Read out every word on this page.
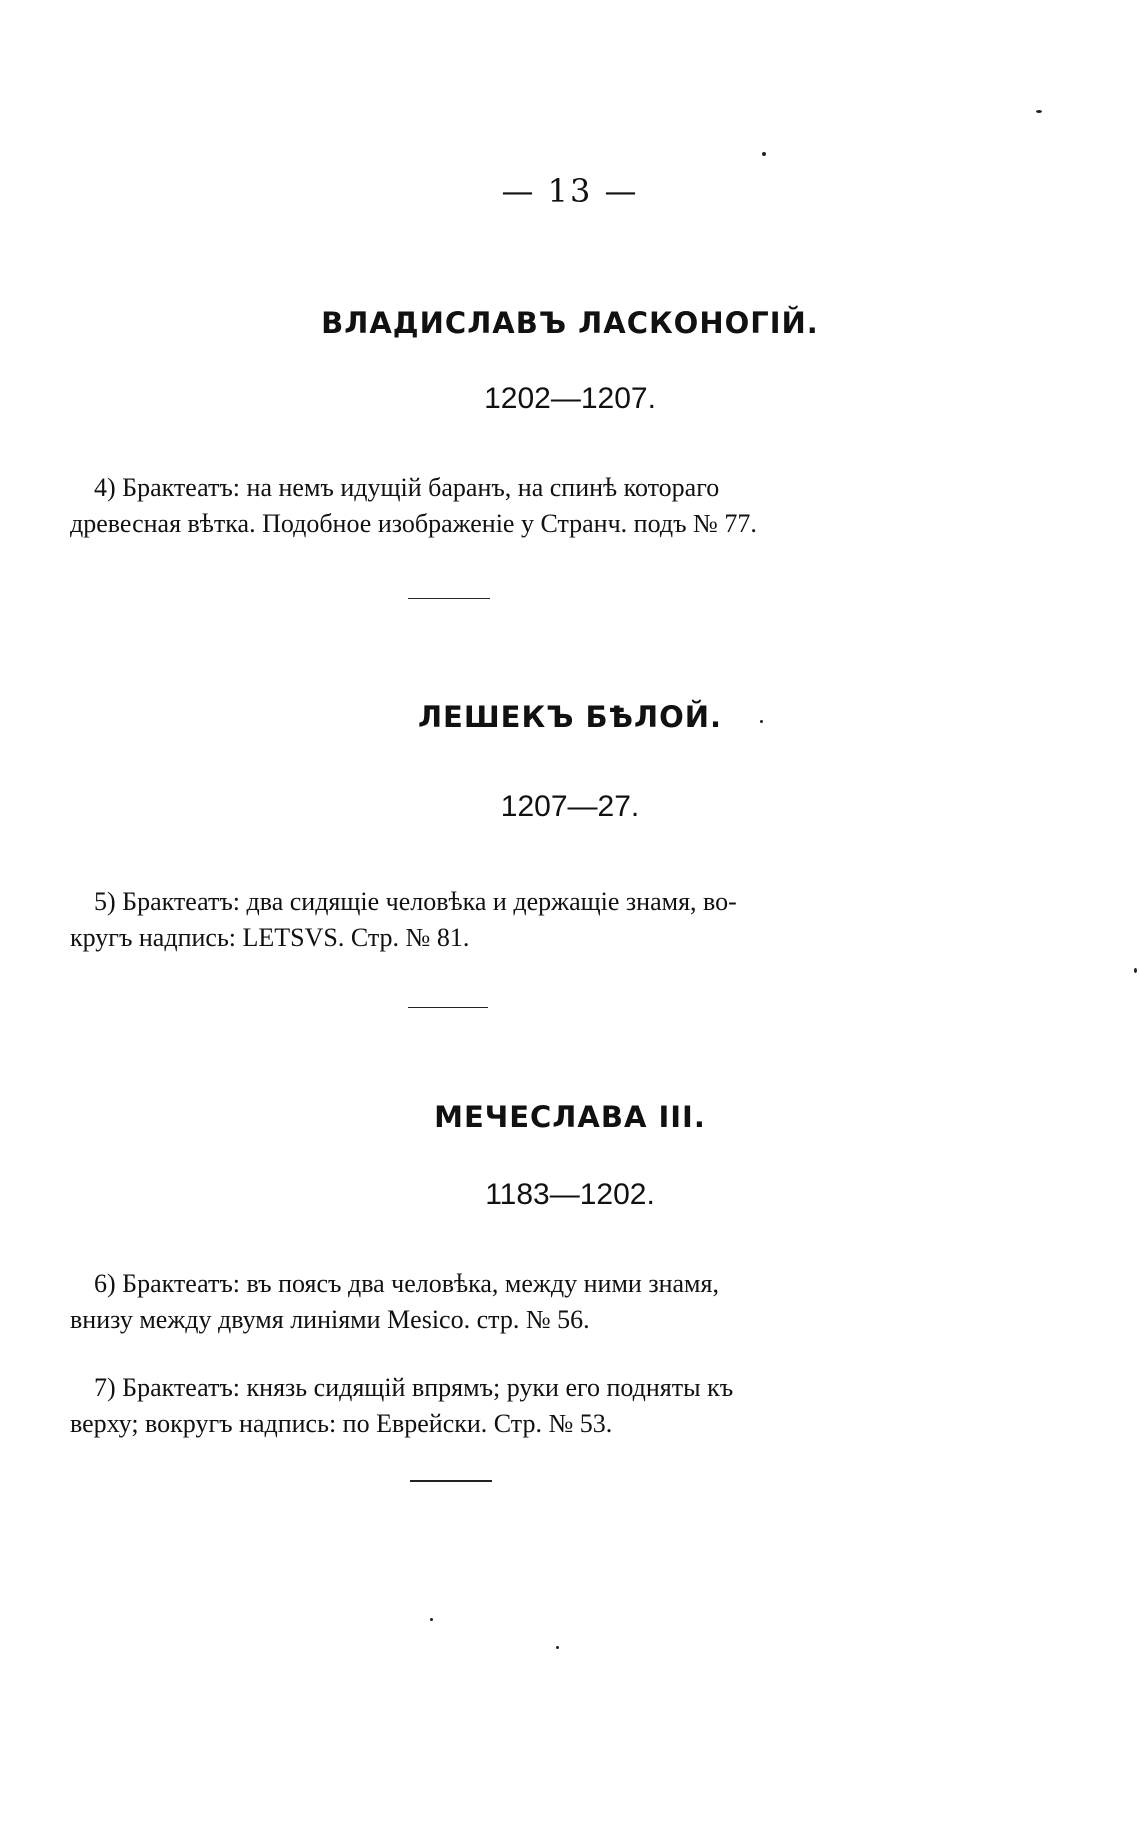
— 13 —
ВЛАДИСЛАВЪ ЛАСКОНОГІЙ.
1202—1207.
4) Брактеатъ: на немъ идущій баранъ, на спинѣ котораго
древесная вѣтка. Подобное изображеніе у Странч. подъ № 77.
ЛЕШЕКЪ БѢЛОЙ.
1207—27.
5) Брактеатъ: два сидящіе человѣка и держащіе знамя, во-
кругъ надпись: LETSVS. Стр. № 81.
МЕЧЕСЛАВА III.
1183—1202.
6) Брактеатъ: въ поясъ два человѣка, между ними знамя,
внизу между двумя линіями Mesico. стр. № 56.
7) Брактеатъ: князь сидящій впрямъ; руки его подняты къ
верху; вокругъ надпись: по Еврейски. Стр. № 53.
